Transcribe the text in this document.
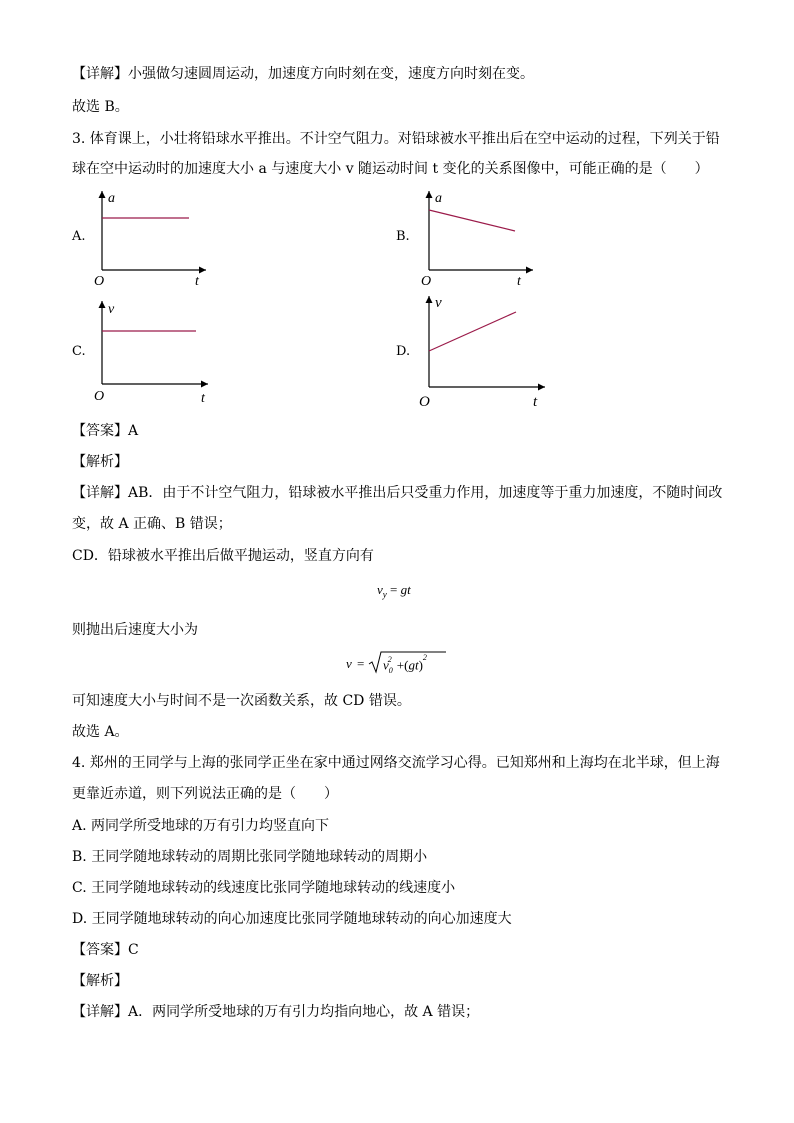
【详解】小强做匀速圆周运动，加速度方向时刻在变，速度方向时刻在变。
故选 B。
3. 体育课上，小壮将铅球水平推出。不计空气阻力。对铅球被水平推出后在空中运动的过程，下列关于铅
球在空中运动时的加速度大小 a 与速度大小 v 随运动时间 t 变化的关系图像中，可能正确的是（　　）
A.	B.
C.	D.
a
O	t
a
O	t
v
O	t
v
O	t
【答案】A
【解析】
【详解】AB．由于不计空气阻力，铅球被水平推出后只受重力作用，加速度等于重力加速度，不随时间改
变，故 A 正确、B 错误；
CD．铅球被水平推出后做平抛运动，竖直方向有
$v_y$ = gt
则抛出后速度大小为
$v = v_0^2 +(gt)^2$
可知速度大小与时间不是一次函数关系，故 CD 错误。
故选 A。
4. 郑州的王同学与上海的张同学正坐在家中通过网络交流学习心得。已知郑州和上海均在北半球，但上海
更靠近赤道，则下列说法正确的是（　　）
A. 两同学所受地球的万有引力均竖直向下
B. 王同学随地球转动的周期比张同学随地球转动的周期小
C. 王同学随地球转动的线速度比张同学随地球转动的线速度小
D. 王同学随地球转动的向心加速度比张同学随地球转动的向心加速度大
【答案】C
【解析】
【详解】A．两同学所受地球的万有引力均指向地心，故 A 错误；
